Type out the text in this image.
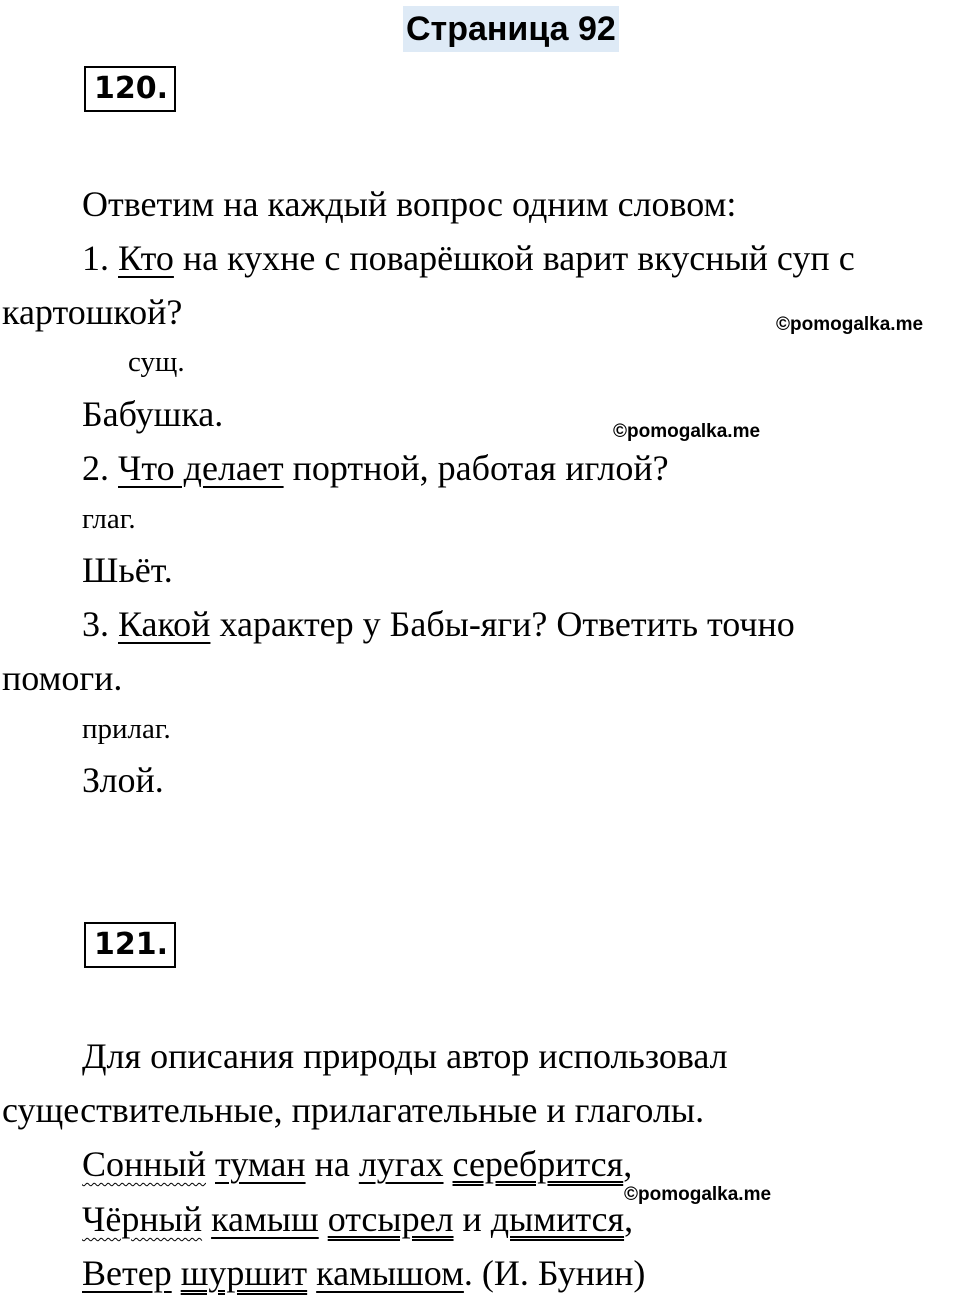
Страница 92
120.
Ответим на каждый вопрос одним словом:
1. Кто на кухне с поварёшкой варит вкусный суп с
картошкой?	©pomogalka.me
сущ.
Бабушка.	©pomogalka.me
2. Что делает портной, работая иглой?
глаг.
Шьёт.
3. Какой характер у Бабы-яги? Ответить точно
помоги.
прилаг.
Злой.
121.
Для описания природы автор использовал
существительные, прилагательные и глаголы.
Сонный туман на лугах серебрится,
©pomogalka.me
Чёрный камыш отсырел и дымится,
Ветер шуршит камышом. (И. Бунин)
